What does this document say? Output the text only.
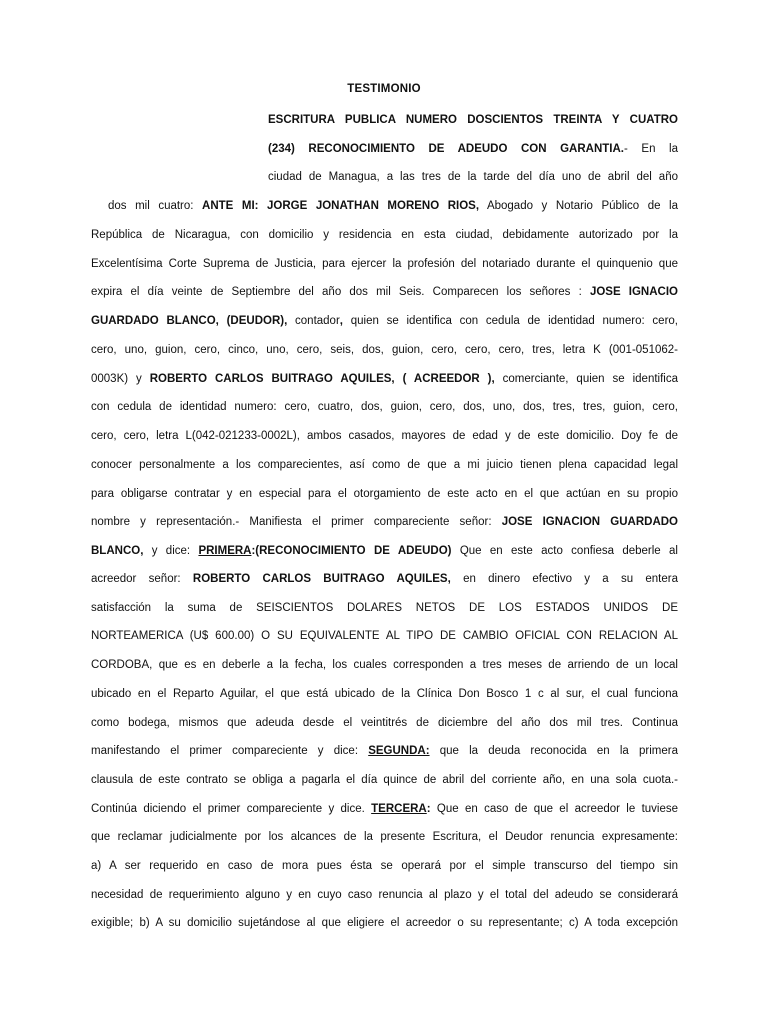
TESTIMONIO
ESCRITURA PUBLICA NUMERO DOSCIENTOS TREINTA Y CUATRO
(234) RECONOCIMIENTO DE ADEUDO CON GARANTIA.- En la
ciudad de Managua, a las tres de la tarde del día uno de abril del año
dos mil cuatro: ANTE MI: JORGE JONATHAN MORENO RIOS, Abogado y Notario Público de la
República de Nicaragua, con domicilio y residencia en esta ciudad, debidamente autorizado por la
Excelentísima Corte Suprema de Justicia, para ejercer la profesión del notariado durante el quinquenio que
expira el día veinte de Septiembre del año dos mil Seis. Comparecen los señores : JOSE IGNACIO
GUARDADO BLANCO, (DEUDOR), contador, quien se identifica con cedula de identidad numero: cero,
cero, uno, guion, cero, cinco, uno, cero, seis, dos, guion, cero, cero, cero, tres, letra K (001-051062-
0003K) y ROBERTO CARLOS BUITRAGO AQUILES, ( ACREEDOR ), comerciante, quien se identifica
con cedula de identidad numero: cero, cuatro, dos, guion, cero, dos, uno, dos, tres, tres, guion, cero,
cero, cero, letra L(042-021233-0002L), ambos casados, mayores de edad y de este domicilio. Doy fe de
conocer personalmente a los comparecientes, así como de que a mi juicio tienen plena capacidad legal
para obligarse contratar y en especial para el otorgamiento de este acto en el que actúan en su propio
nombre y representación.- Manifiesta el primer compareciente señor: JOSE IGNACION GUARDADO
BLANCO, y dice: PRIMERA:(RECONOCIMIENTO DE ADEUDO) Que en este acto confiesa deberle al
acreedor señor: ROBERTO CARLOS BUITRAGO AQUILES, en dinero efectivo y a su entera
satisfacción la suma de SEISCIENTOS DOLARES NETOS DE LOS ESTADOS UNIDOS DE
NORTEAMERICA (U$ 600.00) O SU EQUIVALENTE AL TIPO DE CAMBIO OFICIAL CON RELACION AL
CORDOBA, que es en deberle a la fecha, los cuales corresponden a tres meses de arriendo de un local
ubicado en el Reparto Aguilar, el que está ubicado de la Clínica Don Bosco 1 c al sur, el cual funciona
como bodega, mismos que adeuda desde el veintitrés de diciembre del año dos mil tres. Continua
manifestando el primer compareciente y dice: SEGUNDA: que la deuda reconocida en la primera
clausula de este contrato se obliga a pagarla el día quince de abril del corriente año, en una sola cuota.-
Continúa diciendo el primer compareciente y dice. TERCERA: Que en caso de que el acreedor le tuviese
que reclamar judicialmente por los alcances de la presente Escritura, el Deudor renuncia expresamente:
a) A ser requerido en caso de mora pues ésta se operará por el simple transcurso del tiempo sin
necesidad de requerimiento alguno y en cuyo caso renuncia al plazo y el total del adeudo se considerará
exigible; b) A su domicilio sujetándose al que eligiere el acreedor o su representante; c) A toda excepción
